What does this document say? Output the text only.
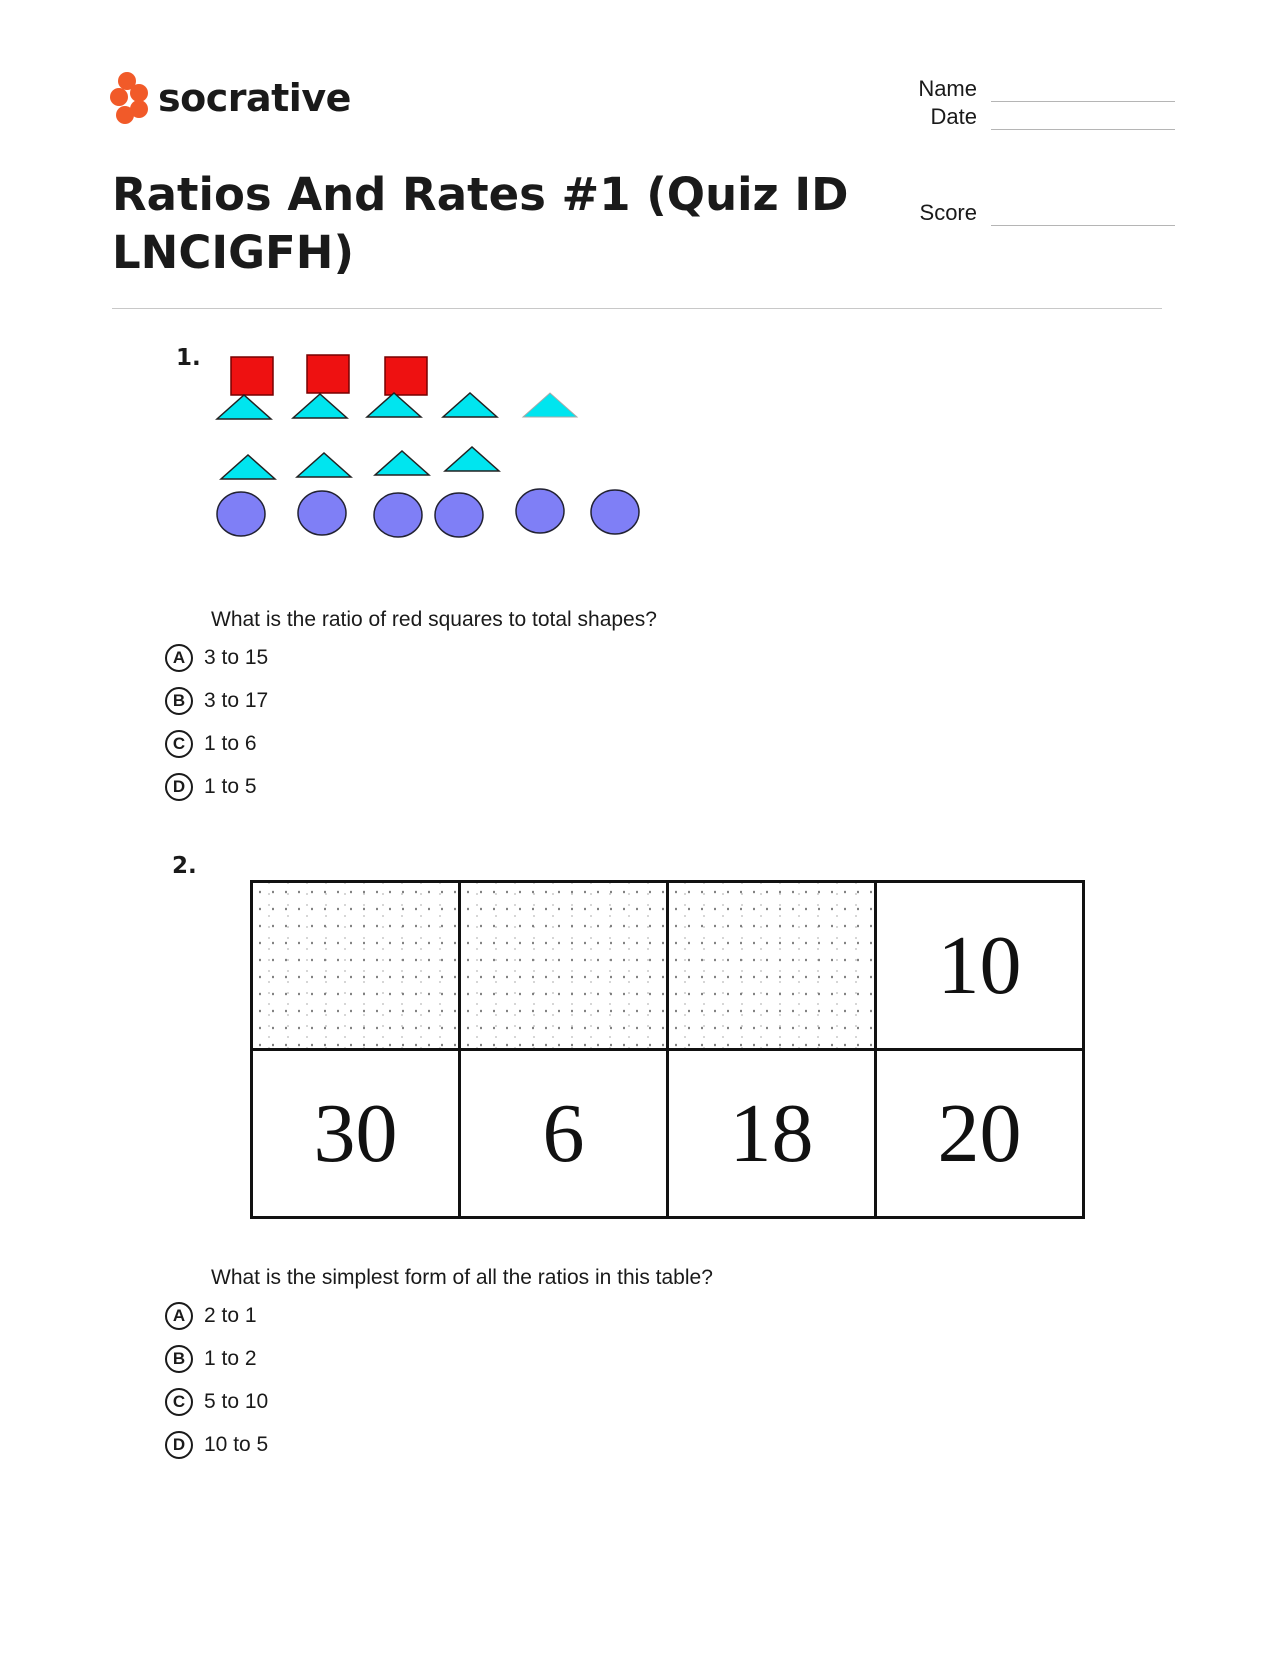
socrative	Name
Date
Score
Ratios And Rates #1 (Quiz ID LNCIGFH)
1.
What is the ratio of red squares to total shapes?
A 3 to 15
B 3 to 17
C 1 to 6
D 1 to 5
2.
			10
30	6	18	20
What is the simplest form of all the ratios in this table?
A 2 to 1
B 1 to 2
C 5 to 10
D 10 to 5
